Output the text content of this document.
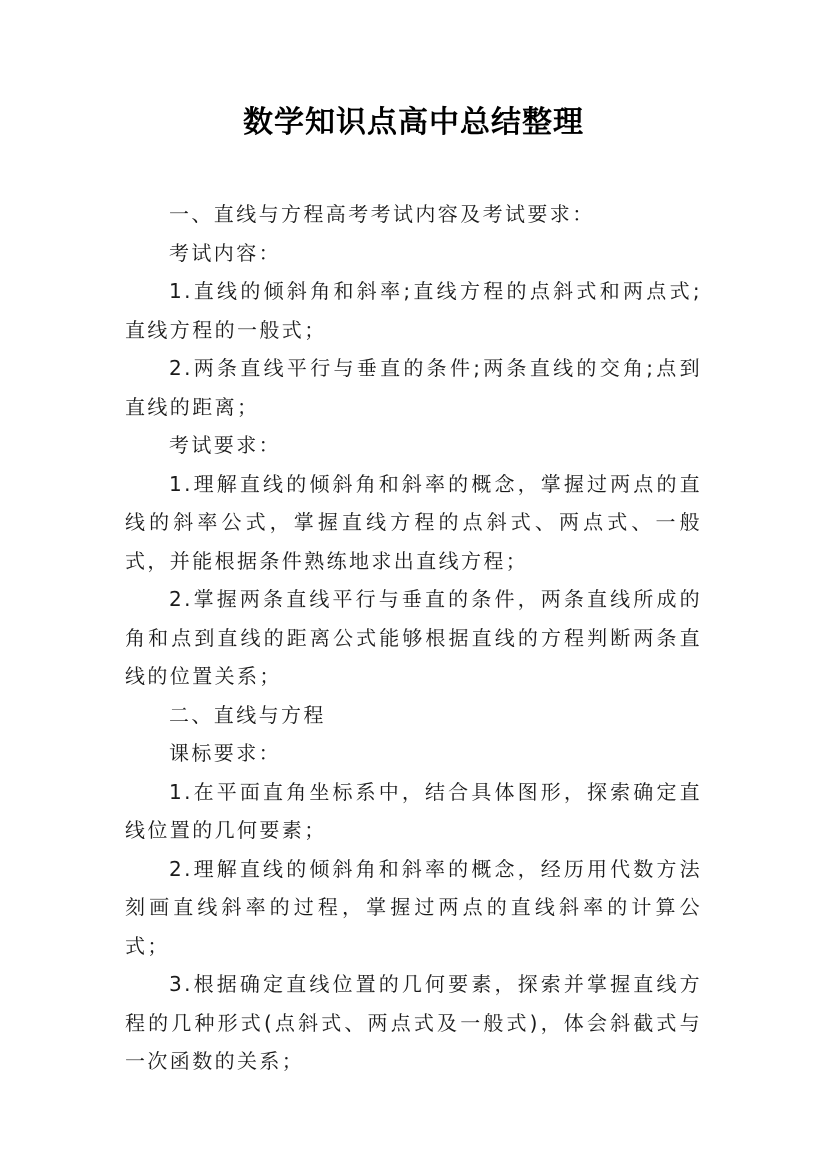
数学知识点高中总结整理

一、直线与方程高考考试内容及考试要求：

考试内容：

1.直线的倾斜角和斜率;直线方程的点斜式和两点式;直线方程的一般式；

2.两条直线平行与垂直的条件;两条直线的交角;点到直线的距离；

考试要求：

1.理解直线的倾斜角和斜率的概念，掌握过两点的直线的斜率公式，掌握直线方程的点斜式、两点式、一般式，并能根据条件熟练地求出直线方程；

2.掌握两条直线平行与垂直的条件，两条直线所成的角和点到直线的距离公式能够根据直线的方程判断两条直线的位置关系；

二、直线与方程

课标要求：

1.在平面直角坐标系中，结合具体图形，探索确定直线位置的几何要素；

2.理解直线的倾斜角和斜率的概念，经历用代数方法刻画直线斜率的过程，掌握过两点的直线斜率的计算公式；

3.根据确定直线位置的几何要素，探索并掌握直线方程的几种形式(点斜式、两点式及一般式)，体会斜截式与一次函数的关系；
